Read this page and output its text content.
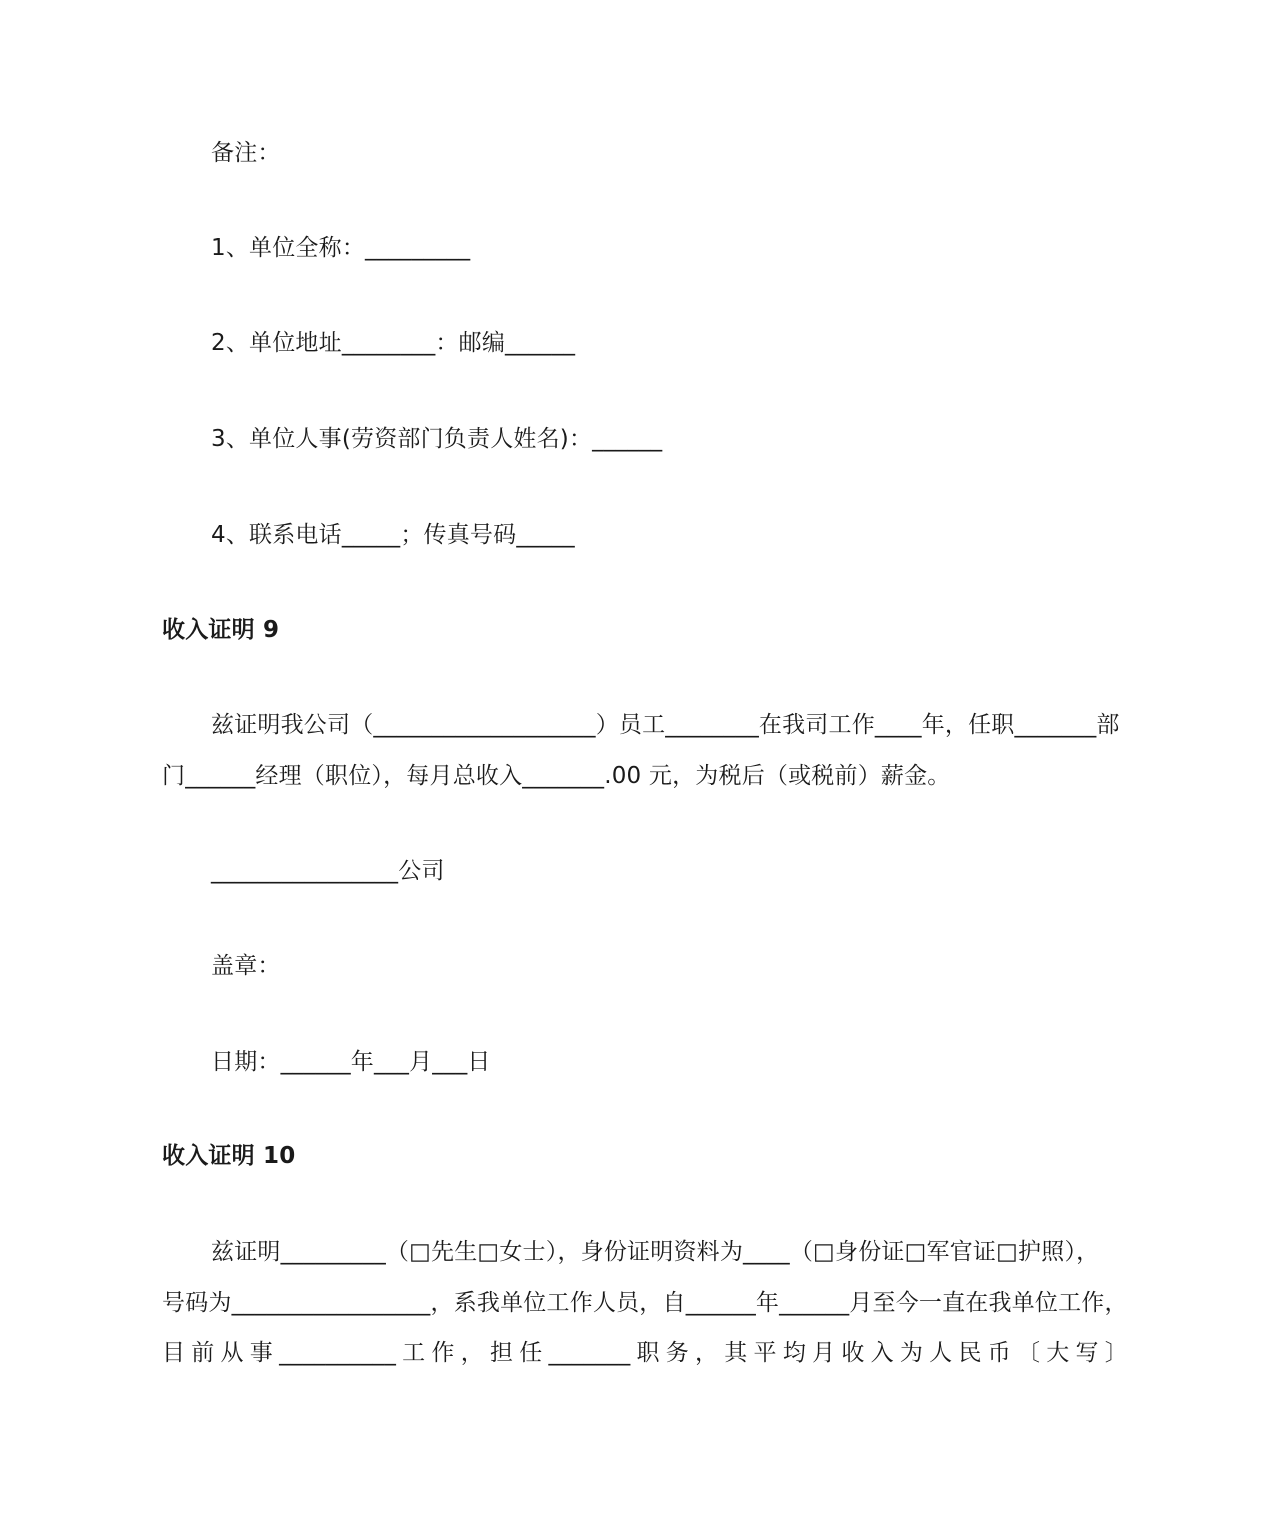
备注：
1、单位全称：_________
2、单位地址________：邮编______
3、单位人事(劳资部门负责人姓名)：______
4、联系电话_____；传真号码_____
收入证明 9
兹证明我公司（___________________）员工________在我司工作____年，任职_______部
门______经理（职位），每月总收入_______.00 元，为税后（或税前）薪金。
________________公司
盖章：
日期：______年___月___日
收入证明 10
兹证明_________（□先生□女士），身份证明资料为____（□身份证□军官证□护照），
号码为_________________，系我单位工作人员，自______年______月至今一直在我单位工作，
目前从事__________工作，担任_______职务，其平均月收入为人民币〔大写〕
